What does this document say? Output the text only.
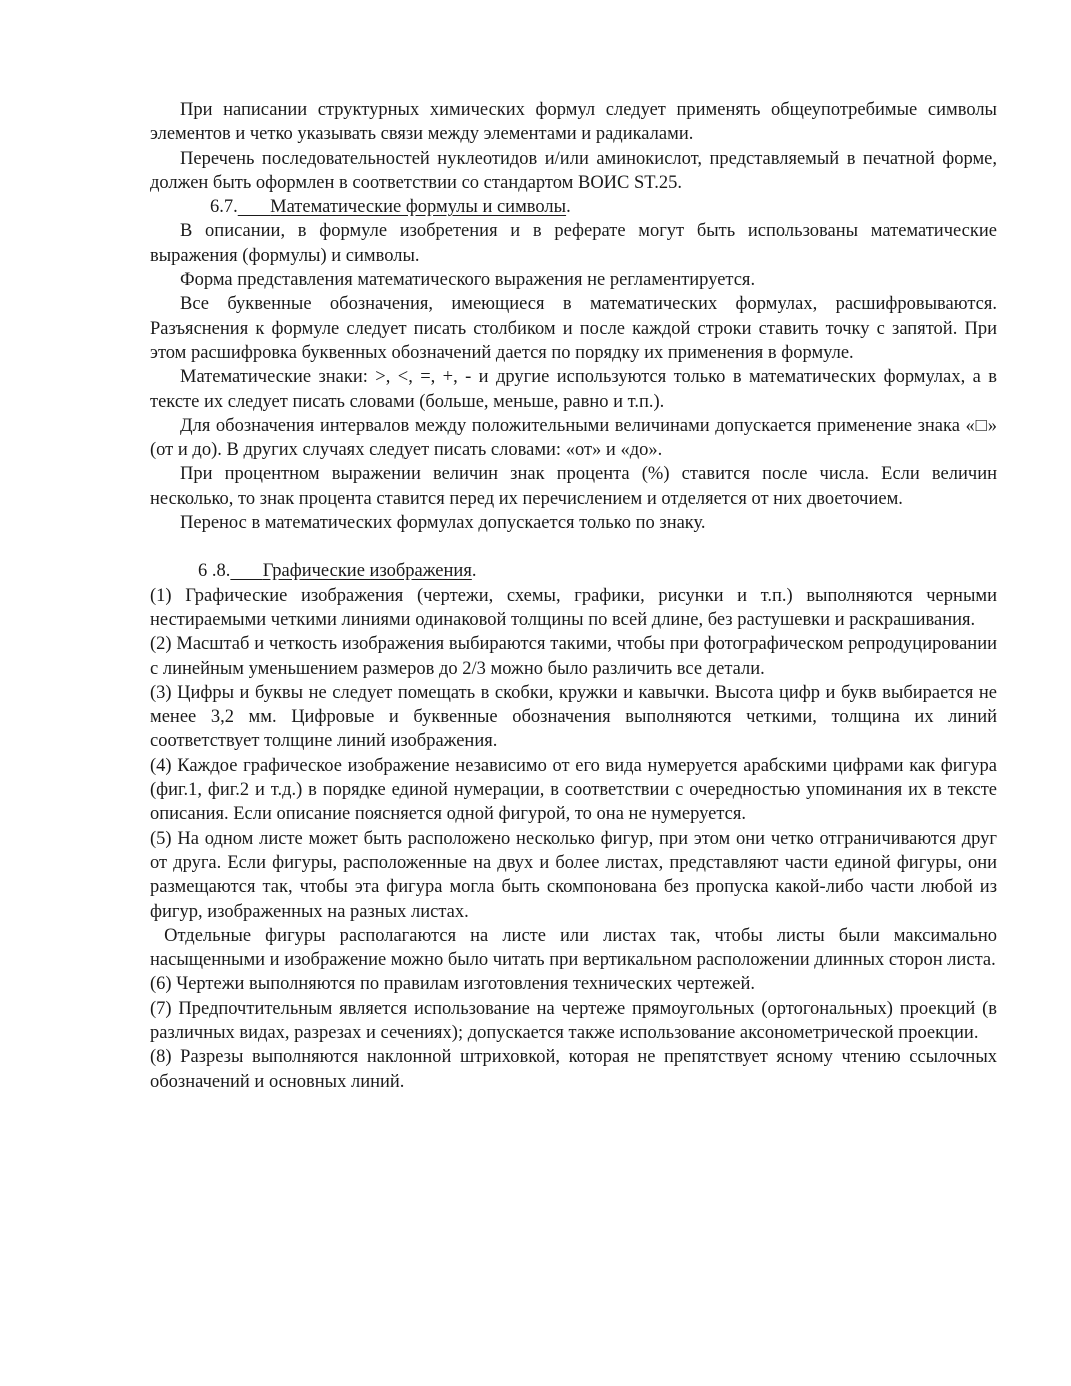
При написании структурных химических формул следует применять общеупотребимые символы элементов и четко указывать связи между элементами и радикалами.

Перечень последовательностей нуклеотидов и/или аминокислот, представляемый в печатной форме, должен быть оформлен в соответствии со стандартом ВОИС ST.25.

6.7. Математические формулы и символы.

В описании, в формуле изобретения и в реферате могут быть использованы математические выражения (формулы) и символы.

Форма представления математического выражения не регламентируется.

Все буквенные обозначения, имеющиеся в математических формулах, расшифровываются. Разъяснения к формуле следует писать столбиком и после каждой строки ставить точку с запятой. При этом расшифровка буквенных обозначений дается по порядку их применения в формуле.

Математические знаки: >, <, =, +, - и другие используются только в математических формулах, а в тексте их следует писать словами (больше, меньше, равно и т.п.).

Для обозначения интервалов между положительными величинами допускается применение знака «□» (от и до). В других случаях следует писать словами: «от» и «до».

При процентном выражении величин знак процента (%) ставится после числа. Если величин несколько, то знак процента ставится перед их перечислением и отделяется от них двоеточием.

Перенос в математических формулах допускается только по знаку.

6 .8. Графические изображения.

(1) Графические изображения (чертежи, схемы, графики, рисунки и т.п.) выполняются черными нестираемыми четкими линиями одинаковой толщины по всей длине, без растушевки и раскрашивания.

(2) Масштаб и четкость изображения выбираются такими, чтобы при фотографическом репродуцировании с линейным уменьшением размеров до 2/3 можно было различить все детали.

(3) Цифры и буквы не следует помещать в скобки, кружки и кавычки. Высота цифр и букв выбирается не менее 3,2 мм. Цифровые и буквенные обозначения выполняются четкими, толщина их линий соответствует толщине линий изображения.

(4) Каждое графическое изображение независимо от его вида нумеруется арабскими цифрами как фигура (фиг.1, фиг.2 и т.д.) в порядке единой нумерации, в соответствии с очередностью упоминания их в тексте описания. Если описание поясняется одной фигурой, то она не нумеруется.

(5) На одном листе может быть расположено несколько фигур, при этом они четко отграничиваются друг от друга. Если фигуры, расположенные на двух и более листах, представляют части единой фигуры, они размещаются так, чтобы эта фигура могла быть скомпонована без пропуска какой-либо части любой из фигур, изображенных на разных листах.

Отдельные фигуры располагаются на листе или листах так, чтобы листы были максимально насыщенными и изображение можно было читать при вертикальном расположении длинных сторон листа.

(6) Чертежи выполняются по правилам изготовления технических чертежей.

(7) Предпочтительным является использование на чертеже прямоугольных (ортогональных) проекций (в различных видах, разрезах и сечениях); допускается также использование аксонометрической проекции.

(8) Разрезы выполняются наклонной штриховкой, которая не препятствует ясному чтению ссылочных обозначений и основных линий.
